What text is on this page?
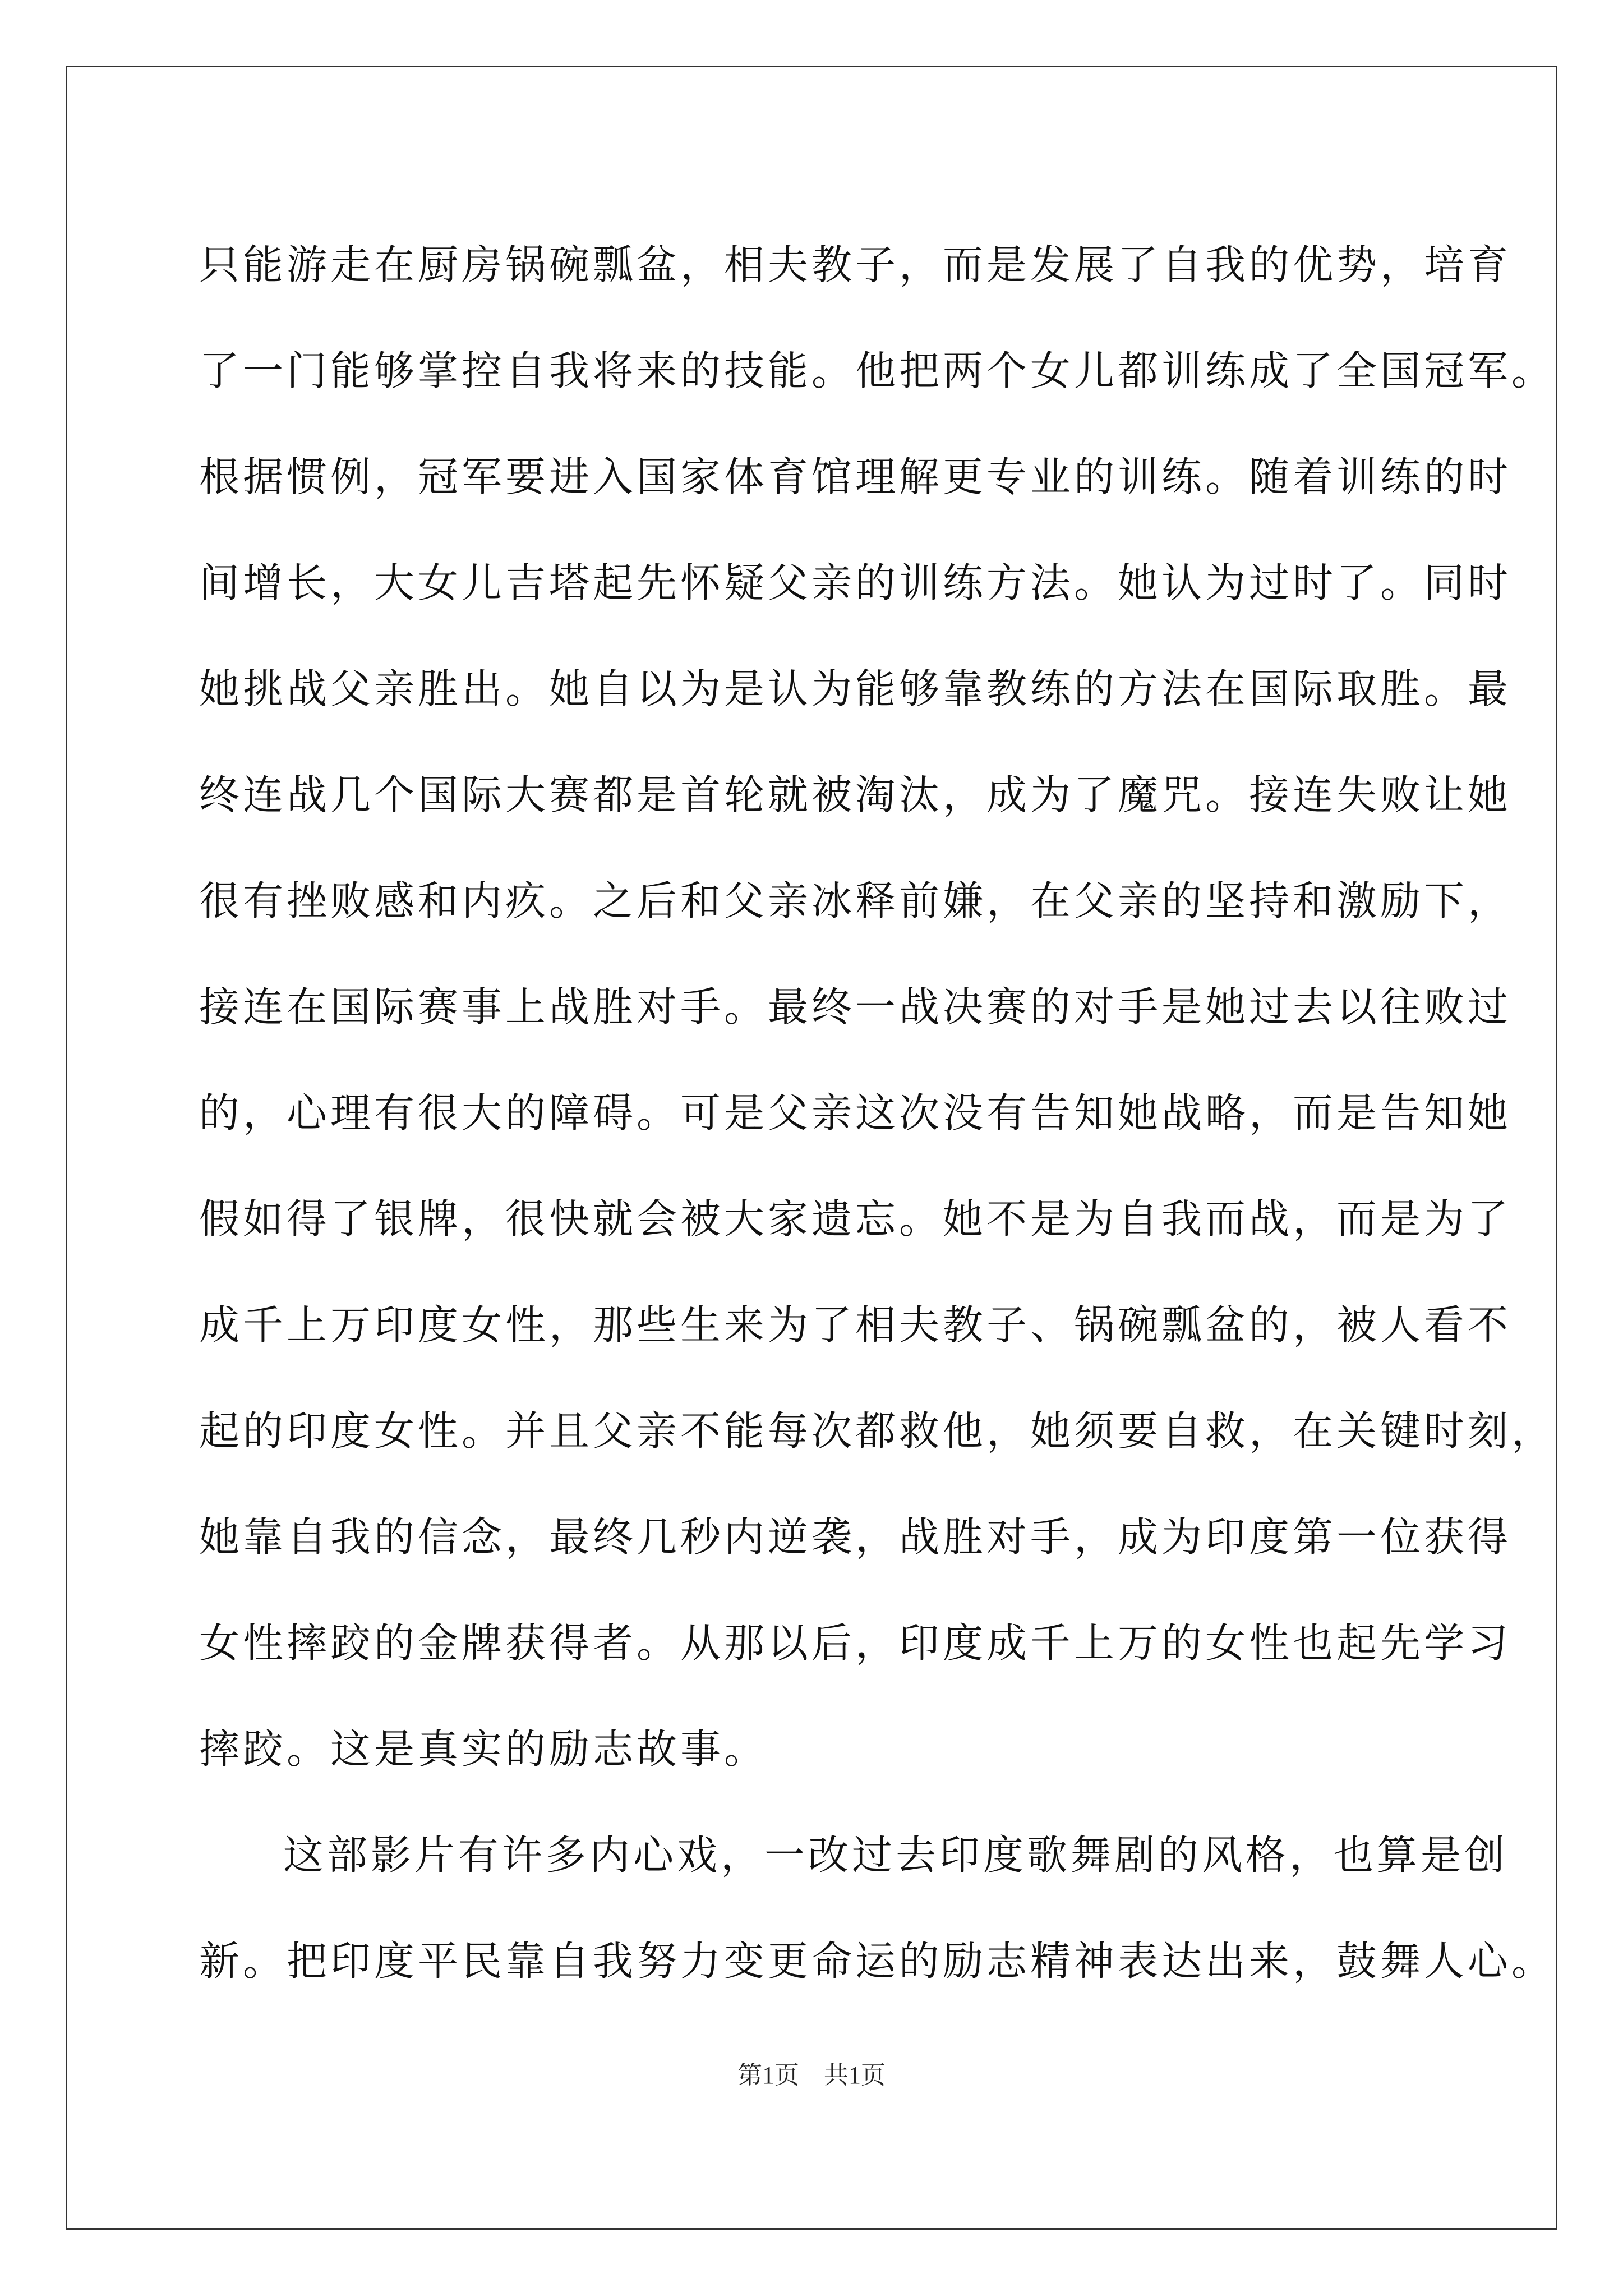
只能游走在厨房锅碗瓢盆，相夫教子，而是发展了自我的优势，培育
了一门能够掌控自我将来的技能。他把两个女儿都训练成了全国冠军。
根据惯例，冠军要进入国家体育馆理解更专业的训练。随着训练的时
间增长，大女儿吉塔起先怀疑父亲的训练方法。她认为过时了。同时
她挑战父亲胜出。她自以为是认为能够靠教练的方法在国际取胜。最
终连战几个国际大赛都是首轮就被淘汰，成为了魔咒。接连失败让她
很有挫败感和内疚。之后和父亲冰释前嫌，在父亲的坚持和激励下，
接连在国际赛事上战胜对手。最终一战决赛的对手是她过去以往败过
的，心理有很大的障碍。可是父亲这次没有告知她战略，而是告知她
假如得了银牌，很快就会被大家遗忘。她不是为自我而战，而是为了
成千上万印度女性，那些生来为了相夫教子、锅碗瓢盆的，被人看不
起的印度女性。并且父亲不能每次都救他，她须要自救，在关键时刻，
她靠自我的信念，最终几秒内逆袭，战胜对手，成为印度第一位获得
女性摔跤的金牌获得者。从那以后，印度成千上万的女性也起先学习
摔跤。这是真实的励志故事。
这部影片有许多内心戏，一改过去印度歌舞剧的风格，也算是创
新。把印度平民靠自我努力变更命运的励志精神表达出来，鼓舞人心。
第1页　共1页
